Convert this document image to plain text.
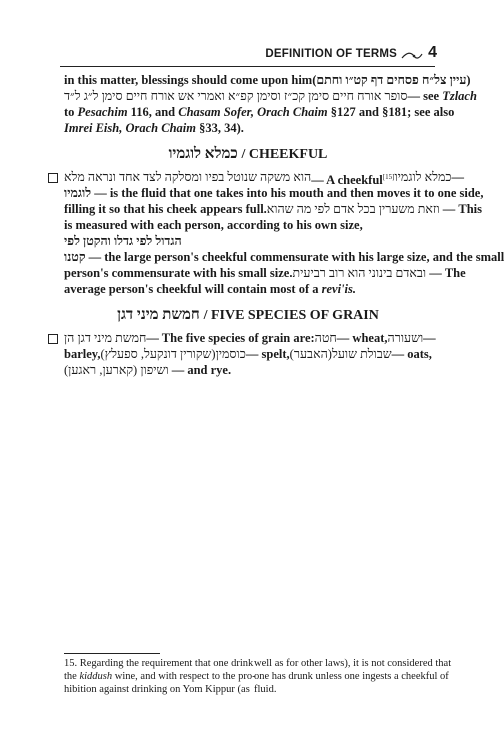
DEFINITION OF TERMS 4
in this matter, blessings should come upon him (עיין צל״ח פסחים דף קט״ו וחתם)
סופר אורח חיים סימן קכ״ז וסימן קפ״א ואמרי אש אורח חיים סימן ל״ג ל״ד — see Tzlach
to Pesachim 116, and Chasam Sofer, Orach Chaim §127 and §181; see also
Imrei Eish, Orach Chaim §33, 34).
כמלא לוגמיו / CHEEKFUL
הוא משקה שנוטל בפיו ומסלקה לצד אחד ונראה מלא — A cheekful[15] כמלא לוגמיו —
לוגמיו — is the fluid that one takes into his mouth and then moves it to one side,
filling it so that his cheek appears full. וזאת משערין בכל אדם לפי מה שהוא — This
is measured with each person, according to his own size,
הגדול לפי גדלו והקטן לפי
קטנו — the large person's cheekful commensurate with his large size, and the small
person's commensurate with his small size. ובאדם בינוני הוא רוב רביעית — The
average person's cheekful will contain most of a revi'is.
חמשת מיני דגן / FIVE SPECIES OF GRAIN
חמשת מיני דגן הן — The five species of grain are: חטה — wheat, ושעורה —
barley, (שקורין דונקעל, ספעלץ) כוסמין — spelt, (האבער) שבולת שועל — oats,
ושיפון (קארען, ראגען) — and rye.
15. Regarding the requirement that one drink
the kiddush wine, and with respect to the pro-
hibition against drinking on Yom Kippur (as
well as for other laws), it is not considered that
one has drunk unless one ingests a cheekful of
fluid.
